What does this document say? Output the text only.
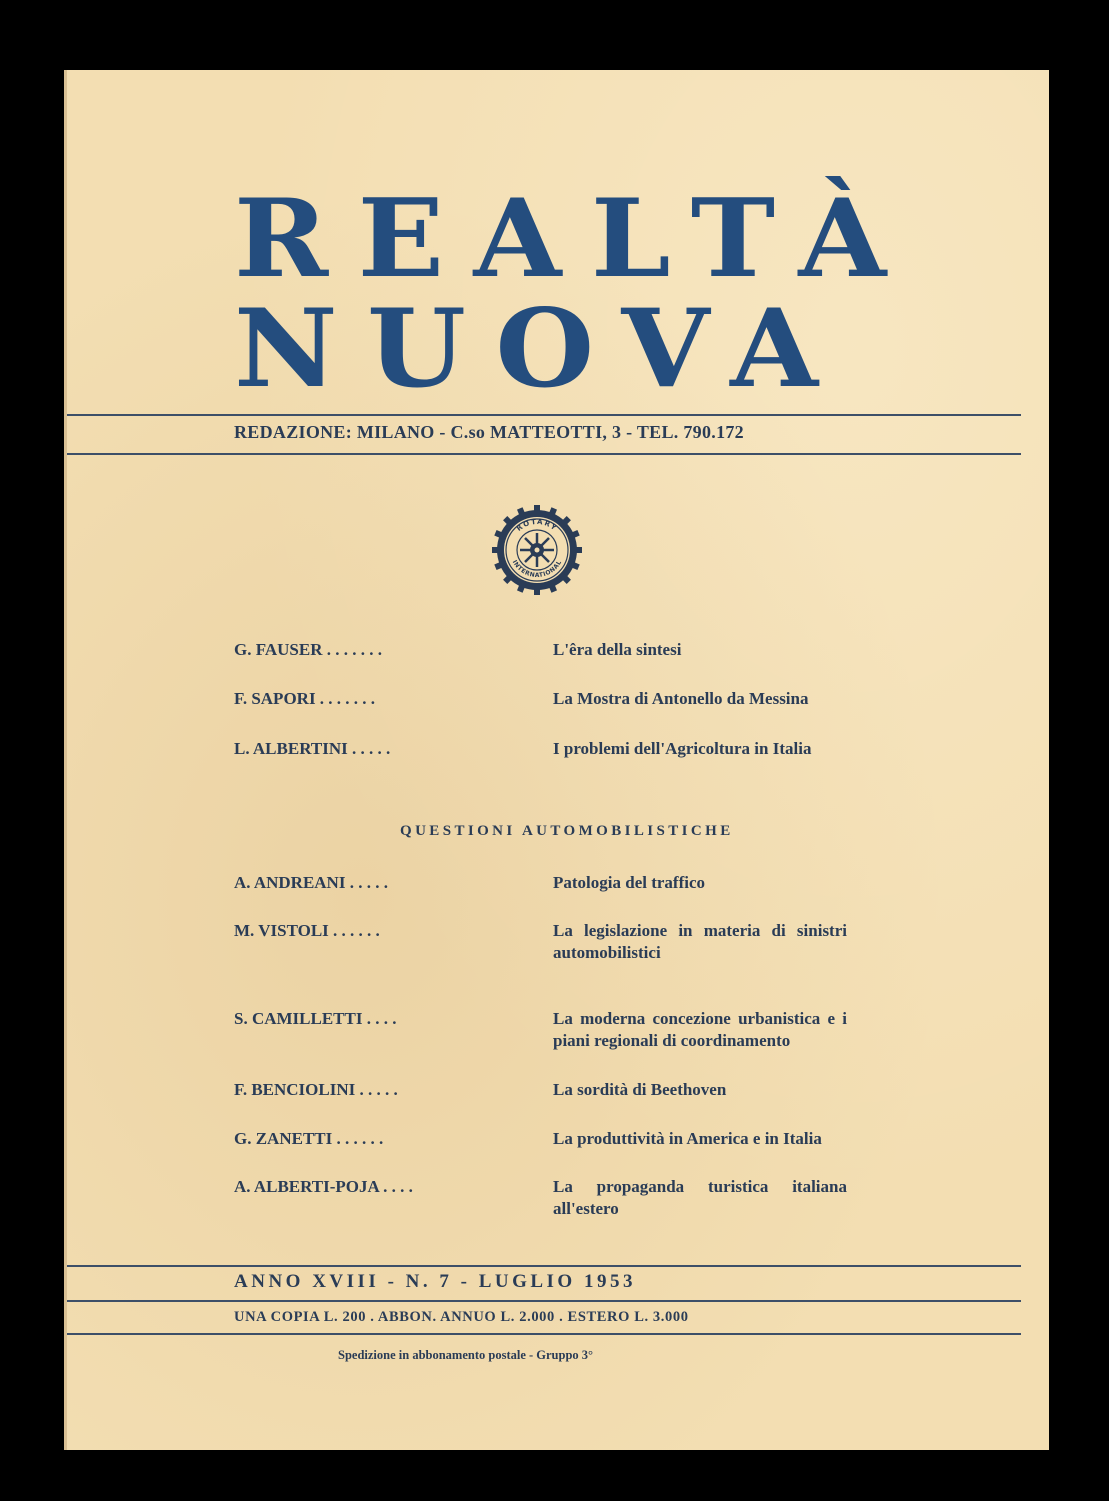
REALTÀ
NUOVA
REDAZIONE: MILANO - C.so MATTEOTTI, 3 - TEL. 790.172
ROTARY
INTERNATIONAL
G. FAUSER . . . . . . .	L'êra della sintesi
F. SAPORI . . . . . . .	La Mostra di Antonello da Messina
L. ALBERTINI . . . . .	I problemi dell'Agricoltura in Italia
QUESTIONI AUTOMOBILISTICHE
A. ANDREANI . . . . .	Patologia del traffico
M. VISTOLI . . . . . .	La legislazione in materia di sinistri automobilistici
S. CAMILLETTI . . . .	La moderna concezione urbanistica e i piani regionali di coordinamento
F. BENCIOLINI . . . . .	La sordità di Beethoven
G. ZANETTI . . . . . .	La produttività in America e in Italia
A. ALBERTI-POJA . . . .	La propaganda turistica italiana all'estero
ANNO XVIII - N. 7 - LUGLIO 1953
UNA COPIA L. 200 . ABBON. ANNUO L. 2.000 . ESTERO L. 3.000
Spedizione in abbonamento postale - Gruppo 3°
